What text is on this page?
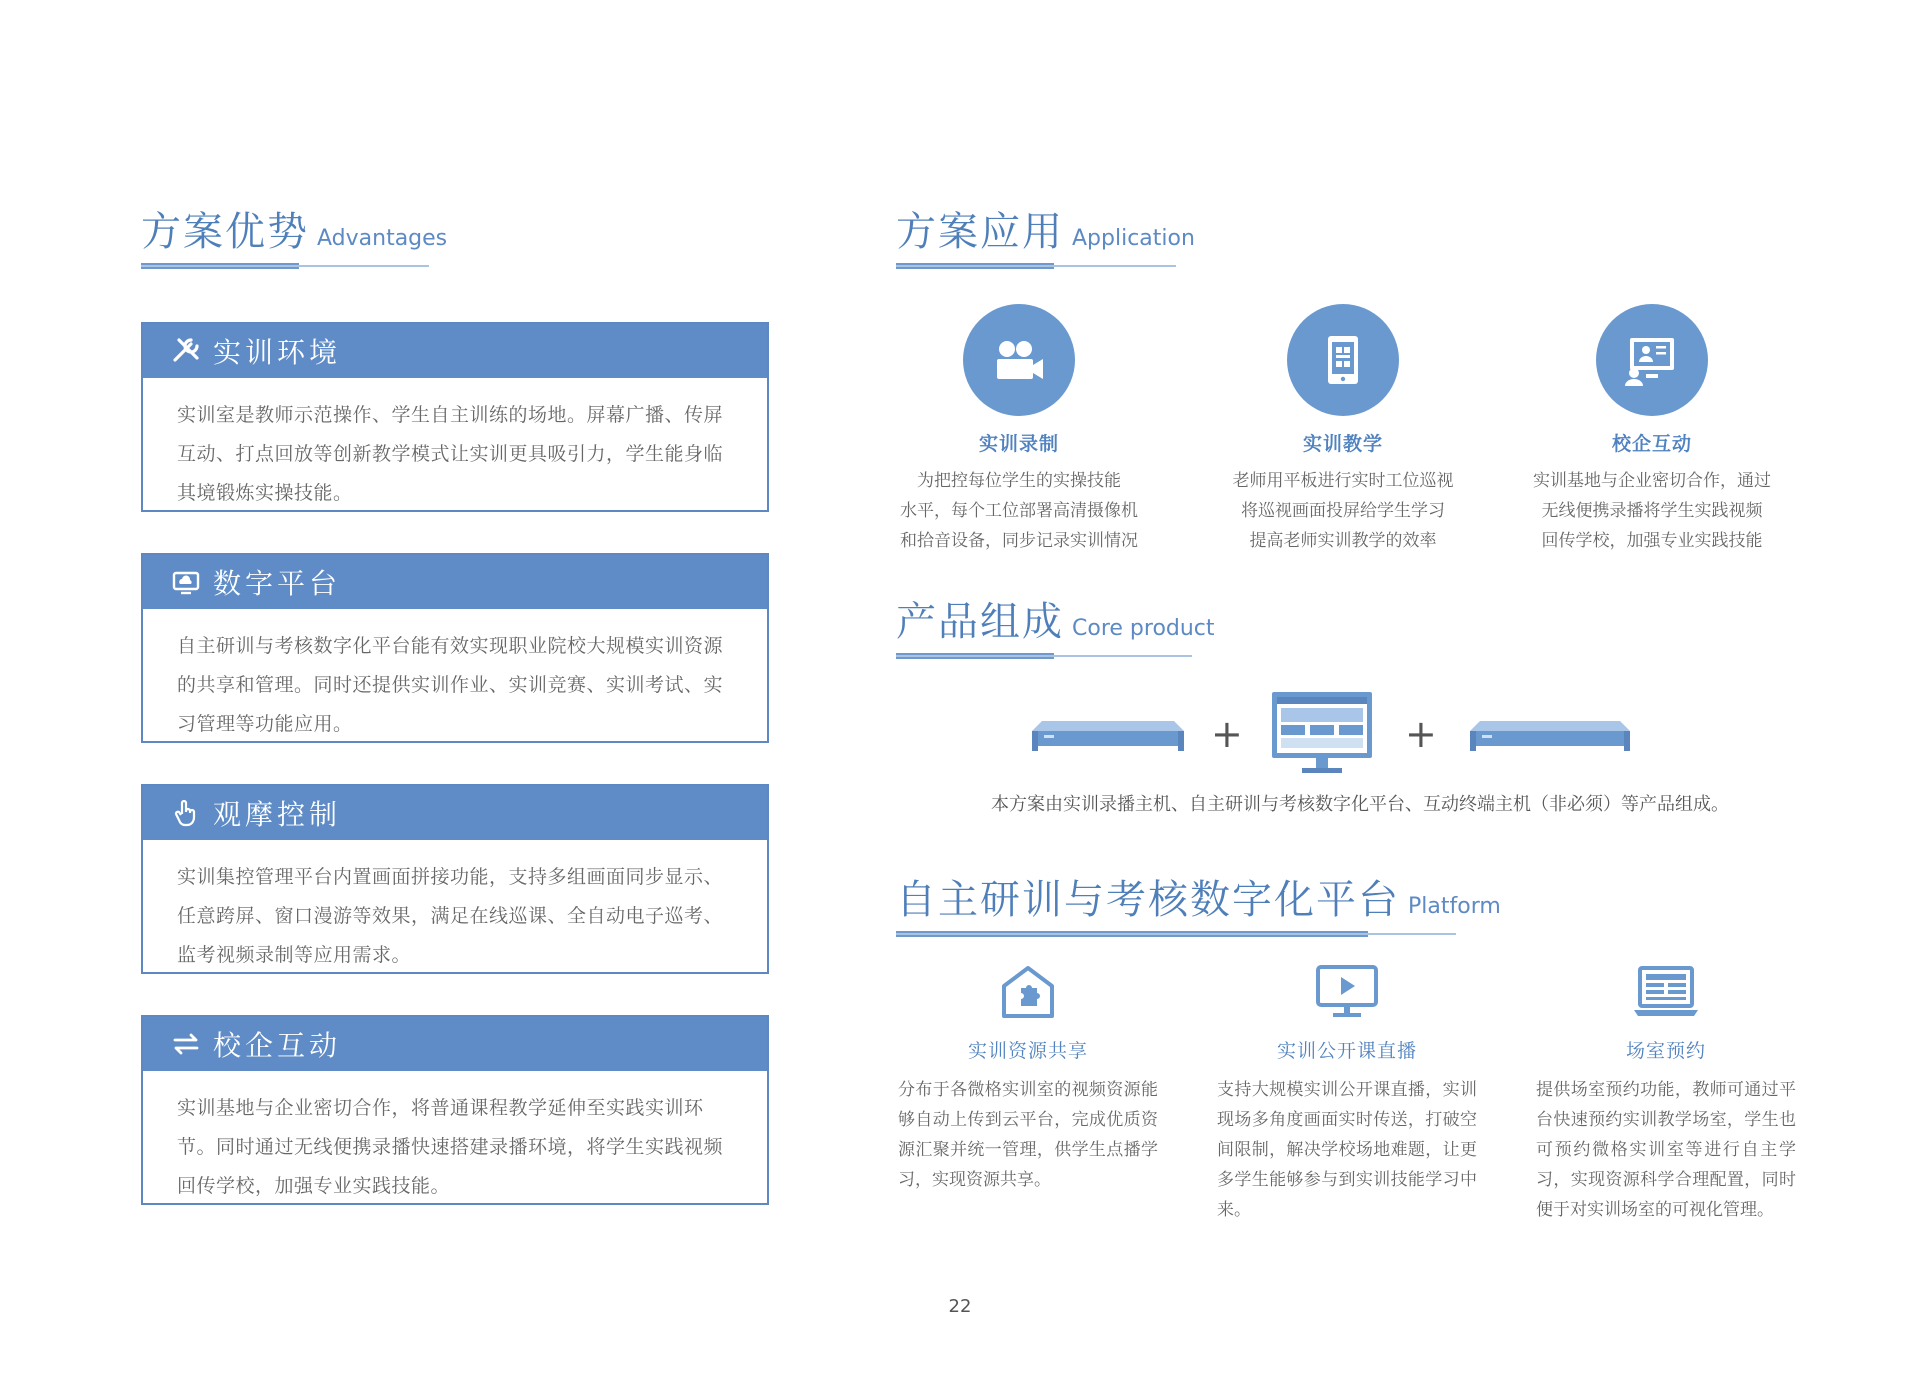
方案优势 Advantages
实训环境
实训室是教师示范操作、学生自主训练的场地。屏幕广播、传屏互动、打点回放等创新教学模式让实训更具吸引力，学生能身临其境锻炼实操技能。
数字平台
自主研训与考核数字化平台能有效实现职业院校大规模实训资源的共享和管理。同时还提供实训作业、实训竞赛、实训考试、实习管理等功能应用。
观摩控制
实训集控管理平台内置画面拼接功能，支持多组画面同步显示、任意跨屏、窗口漫游等效果，满足在线巡课、全自动电子巡考、监考视频录制等应用需求。
校企互动
实训基地与企业密切合作，将普通课程教学延伸至实践实训环节。同时通过无线便携录播快速搭建录播环境，将学生实践视频回传学校，加强专业实践技能。
方案应用 Application
实训录制
为把控每位学生的实操技能
水平，每个工位部署高清摄像机
和拾音设备，同步记录实训情况
实训教学
老师用平板进行实时工位巡视
将巡视画面投屏给学生学习
提高老师实训教学的效率
校企互动
实训基地与企业密切合作，通过
无线便携录播将学生实践视频
回传学校，加强专业实践技能
产品组成 Core product
+	+
本方案由实训录播主机、自主研训与考核数字化平台、互动终端主机（非必须）等产品组成。
自主研训与考核数字化平台 Platform
实训资源共享
分布于各微格实训室的视频资源能够自动上传到云平台，完成优质资源汇聚并统一管理，供学生点播学习，实现资源共享。
实训公开课直播
支持大规模实训公开课直播，实训现场多角度画面实时传送，打破空间限制，解决学校场地难题，让更多学生能够参与到实训技能学习中来。
场室预约
提供场室预约功能，教师可通过平台快速预约实训教学场室，学生也可预约微格实训室等进行自主学习，实现资源科学合理配置，同时便于对实训场室的可视化管理。
22
